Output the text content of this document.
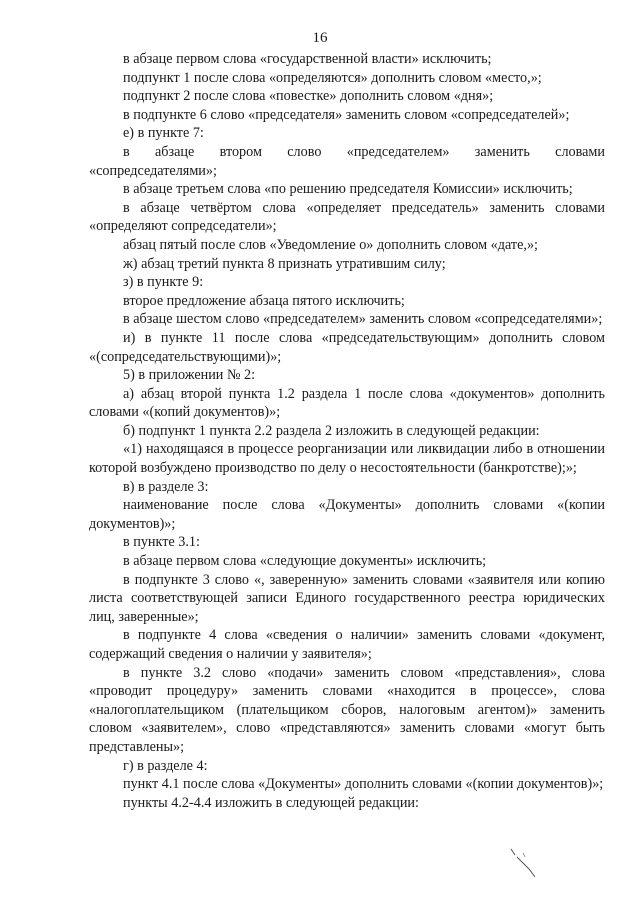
16

в абзаце первом слова «государственной власти» исключить;

подпункт 1 после слова «определяются» дополнить словом «место,»;

подпункт 2 после слова «повестке» дополнить словом «дня»;

в подпункте 6 слово «председателя» заменить словом «сопредседателей»;

е) в пункте 7:

в абзаце втором слово «председателем» заменить словами «сопредседателями»;

в абзаце третьем слова «по решению председателя Комиссии» исключить;

в абзаце четвёртом слова «определяет председатель» заменить словами «определяют сопредседатели»;

абзац пятый после слов «Уведомление о» дополнить словом «дате,»;

ж) абзац третий пункта 8 признать утратившим силу;

з) в пункте 9:

второе предложение абзаца пятого исключить;

в абзаце шестом слово «председателем» заменить словом «сопредседателями»;

и) в пункте 11 после слова «председательствующим» дополнить словом «(сопредседательствующими)»;

5) в приложении № 2:

а) абзац второй пункта 1.2 раздела 1 после слова «документов» дополнить словами «(копий документов)»;

б) подпункт 1 пункта 2.2 раздела 2 изложить в следующей редакции:

«1) находящаяся в процессе реорганизации или ликвидации либо в отношении которой возбуждено производство по делу о несостоятельности (банкротстве);»;

в) в разделе 3:

наименование после слова «Документы» дополнить словами «(копии документов)»;

в пункте 3.1:

в абзаце первом слова «следующие документы» исключить;

в подпункте 3 слово «, заверенную» заменить словами «заявителя или копию листа соответствующей записи Единого государственного реестра юридических лиц, заверенные»;

в подпункте 4 слова «сведения о наличии» заменить словами «документ, содержащий сведения о наличии у заявителя»;

в пункте 3.2 слово «подачи» заменить словом «представления», слова «проводит процедуру» заменить словами «находится в процессе», слова «налогоплательщиком (плательщиком сборов, налоговым агентом)» заменить словом «заявителем», слово «представляются» заменить словами «могут быть представлены»;

г) в разделе 4:

пункт 4.1 после слова «Документы» дополнить словами «(копии документов)»;

пункты 4.2-4.4 изложить в следующей редакции:
